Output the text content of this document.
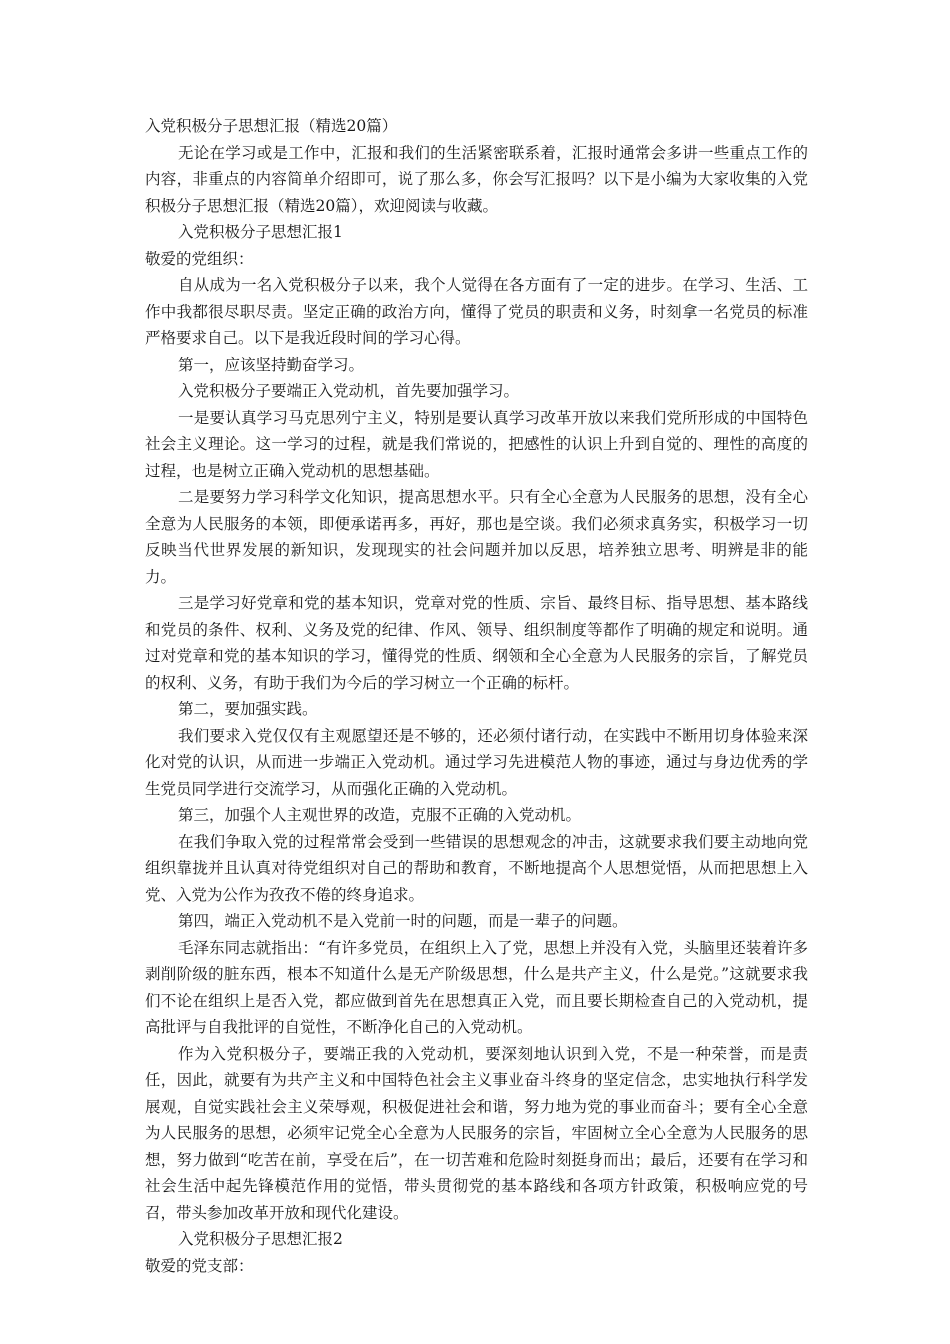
入党积极分子思想汇报（精选20篇）

无论在学习或是工作中，汇报和我们的生活紧密联系着，汇报时通常会多讲一些重点工作的内容，非重点的内容简单介绍即可，说了那么多，你会写汇报吗？以下是小编为大家收集的入党积极分子思想汇报（精选20篇），欢迎阅读与收藏。

入党积极分子思想汇报1

敬爱的党组织：

自从成为一名入党积极分子以来，我个人觉得在各方面有了一定的进步。在学习、生活、工作中我都很尽职尽责。坚定正确的政治方向，懂得了党员的职责和义务，时刻拿一名党员的标准严格要求自己。以下是我近段时间的学习心得。

第一，应该坚持勤奋学习。

入党积极分子要端正入党动机，首先要加强学习。

一是要认真学习马克思列宁主义，特别是要认真学习改革开放以来我们党所形成的中国特色社会主义理论。这一学习的过程，就是我们常说的，把感性的认识上升到自觉的、理性的高度的过程，也是树立正确入党动机的思想基础。

二是要努力学习科学文化知识，提高思想水平。只有全心全意为人民服务的思想，没有全心全意为人民服务的本领，即便承诺再多，再好，那也是空谈。我们必须求真务实，积极学习一切反映当代世界发展的新知识，发现现实的社会问题并加以反思，培养独立思考、明辨是非的能力。

三是学习好党章和党的基本知识，党章对党的性质、宗旨、最终目标、指导思想、基本路线和党员的条件、权利、义务及党的纪律、作风、领导、组织制度等都作了明确的规定和说明。通过对党章和党的基本知识的学习，懂得党的性质、纲领和全心全意为人民服务的宗旨，了解党员的权利、义务，有助于我们为今后的学习树立一个正确的标杆。

第二，要加强实践。

我们要求入党仅仅有主观愿望还是不够的，还必须付诸行动，在实践中不断用切身体验来深化对党的认识，从而进一步端正入党动机。通过学习先进模范人物的事迹，通过与身边优秀的学生党员同学进行交流学习，从而强化正确的入党动机。

第三，加强个人主观世界的改造，克服不正确的入党动机。

在我们争取入党的过程常常会受到一些错误的思想观念的冲击，这就要求我们要主动地向党组织靠拢并且认真对待党组织对自己的帮助和教育，不断地提高个人思想觉悟，从而把思想上入党、入党为公作为孜孜不倦的终身追求。

第四，端正入党动机不是入党前一时的问题，而是一辈子的问题。

毛泽东同志就指出：“有许多党员，在组织上入了党，思想上并没有入党，头脑里还装着许多剥削阶级的脏东西，根本不知道什么是无产阶级思想，什么是共产主义，什么是党。”这就要求我们不论在组织上是否入党，都应做到首先在思想真正入党，而且要长期检查自己的入党动机，提高批评与自我批评的自觉性，不断净化自己的入党动机。

作为入党积极分子，要端正我的入党动机，要深刻地认识到入党，不是一种荣誉，而是责任，因此，就要有为共产主义和中国特色社会主义事业奋斗终身的坚定信念，忠实地执行科学发展观，自觉实践社会主义荣辱观，积极促进社会和谐，努力地为党的事业而奋斗；要有全心全意为人民服务的思想，必须牢记党全心全意为人民服务的宗旨，牢固树立全心全意为人民服务的思想，努力做到“吃苦在前，享受在后”，在一切苦难和危险时刻挺身而出；最后，还要有在学习和社会生活中起先锋模范作用的觉悟，带头贯彻党的基本路线和各项方针政策，积极响应党的号召，带头参加改革开放和现代化建设。

入党积极分子思想汇报2

敬爱的党支部：
